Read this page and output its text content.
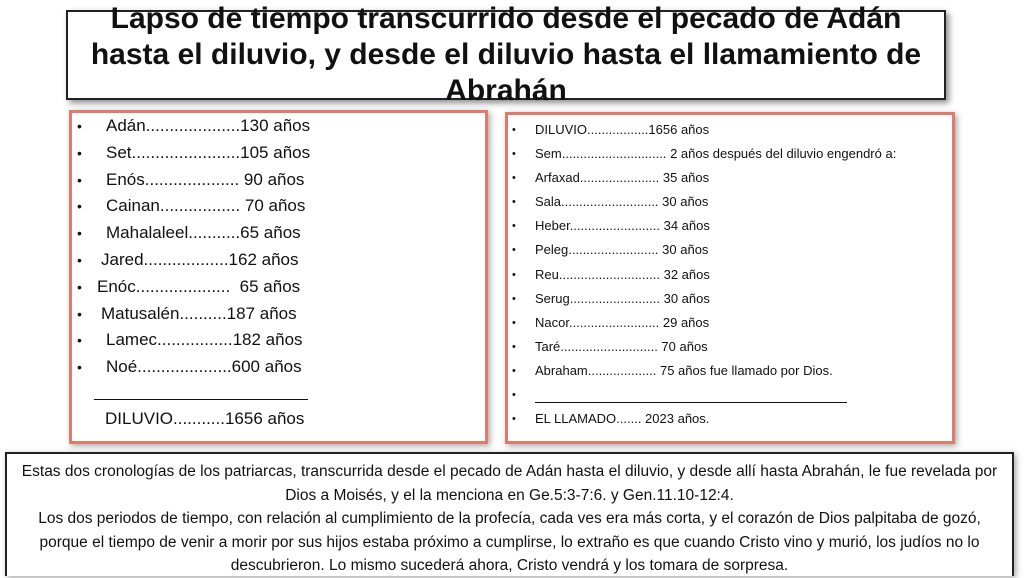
Lapso de tiempo transcurrido desde el pecado de Adán hasta el diluvio, y desde el diluvio hasta el llamamiento de Abrahán
• Adán....................130 años
• Set.......................105 años
• Enós.................... 90 años
• Cainan................. 70 años
• Mahalaleel...........65 años
• Jared..................162 años
• Enóc....................  65 años
• Matusalén..........187 años
• Lamec................182 años
• Noé....................600 años
DILUVIO...........1656 años
• DILUVIO.................1656 años
• Sem............................. 2 años después del diluvio engendró a:
• Arfaxad...................... 35 años
• Sala........................... 30 años
• Heber......................... 34 años
• Peleg......................... 30 años
• Reu............................ 32 años
• Serug......................... 30 años
• Nacor......................... 29 años
• Taré........................... 70 años
• Abraham................... 75 años fue llamado por Dios.
•
• EL LLAMADO....... 2023 años.

Estas dos cronologías de los patriarcas, transcurrida desde el pecado de Adán hasta el diluvio, y desde allí hasta Abrahán, le fue revelada por Dios a Moisés, y el la menciona en Ge.5:3-7:6. y Gen.11.10-12:4.

Los dos periodos de tiempo, con relación al cumplimiento de la profecía, cada ves era más corta, y el corazón de Dios palpitaba de gozó, porque el tiempo de venir a morir por sus hijos estaba próximo a cumplirse, lo extraño es que cuando Cristo vino y murió, los judíos no lo descubrieron. Lo mismo sucederá ahora, Cristo vendrá y los tomara de sorpresa.
